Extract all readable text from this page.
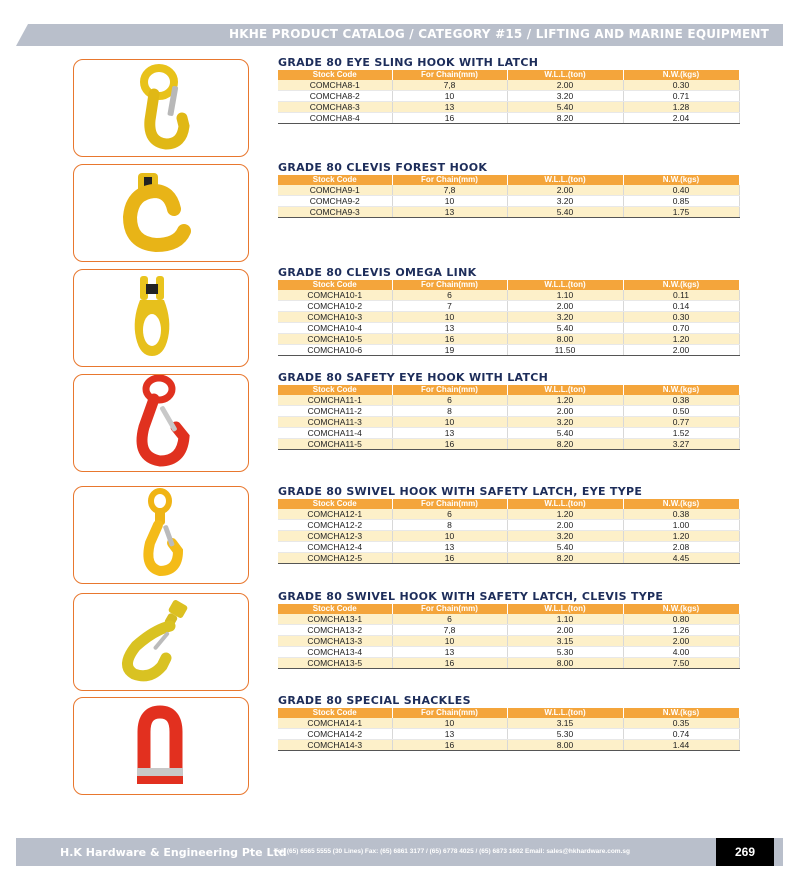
HKHE PRODUCT CATALOG / CATEGORY #15 / LIFTING AND MARINE EQUIPMENT
GRADE 80 EYE SLING HOOK WITH LATCH
Stock Code	For Chain(mm)	W.L.L.(ton)	N.W.(kgs)
COMCHA8-1	7,8	2.00	0.30
COMCHA8-2	10	3.20	0.71
COMCHA8-3	13	5.40	1.28
COMCHA8-4	16	8.20	2.04
GRADE 80 CLEVIS FOREST HOOK
Stock Code	For Chain(mm)	W.L.L.(ton)	N.W.(kgs)
COMCHA9-1	7,8	2.00	0.40
COMCHA9-2	10	3.20	0.85
COMCHA9-3	13	5.40	1.75
GRADE 80 CLEVIS OMEGA LINK
Stock Code	For Chain(mm)	W.L.L.(ton)	N.W.(kgs)
COMCHA10-1	6	1.10	0.11
COMCHA10-2	7	2.00	0.14
COMCHA10-3	10	3.20	0.30
COMCHA10-4	13	5.40	0.70
COMCHA10-5	16	8.00	1.20
COMCHA10-6	19	11.50	2.00
GRADE 80 SAFETY EYE HOOK WITH LATCH
Stock Code	For Chain(mm)	W.L.L.(ton)	N.W.(kgs)
COMCHA11-1	6	1.20	0.38
COMCHA11-2	8	2.00	0.50
COMCHA11-3	10	3.20	0.77
COMCHA11-4	13	5.40	1.52
COMCHA11-5	16	8.20	3.27
GRADE 80 SWIVEL HOOK WITH SAFETY LATCH, EYE TYPE
Stock Code	For Chain(mm)	W.L.L.(ton)	N.W.(kgs)
COMCHA12-1	6	1.20	0.38
COMCHA12-2	8	2.00	1.00
COMCHA12-3	10	3.20	1.20
COMCHA12-4	13	5.40	2.08
COMCHA12-5	16	8.20	4.45
GRADE 80 SWIVEL HOOK WITH SAFETY LATCH, CLEVIS TYPE
Stock Code	For Chain(mm)	W.L.L.(ton)	N.W.(kgs)
COMCHA13-1	6	1.10	0.80
COMCHA13-2	7,8	2.00	1.26
COMCHA13-3	10	3.15	2.00
COMCHA13-4	13	5.30	4.00
COMCHA13-5	16	8.00	7.50
GRADE 80 SPECIAL SHACKLES
Stock Code	For Chain(mm)	W.L.L.(ton)	N.W.(kgs)
COMCHA14-1	10	3.15	0.35
COMCHA14-2	13	5.30	0.74
COMCHA14-3	16	8.00	1.44
H.K Hardware & Engineering Pte Ltd
Tel: (65) 6565 5555 (30 Lines) Fax: (65) 6861 3177 / (65) 6778 4025 / (65) 6873 1602 Email: sales@hkhardware.com.sg	269
